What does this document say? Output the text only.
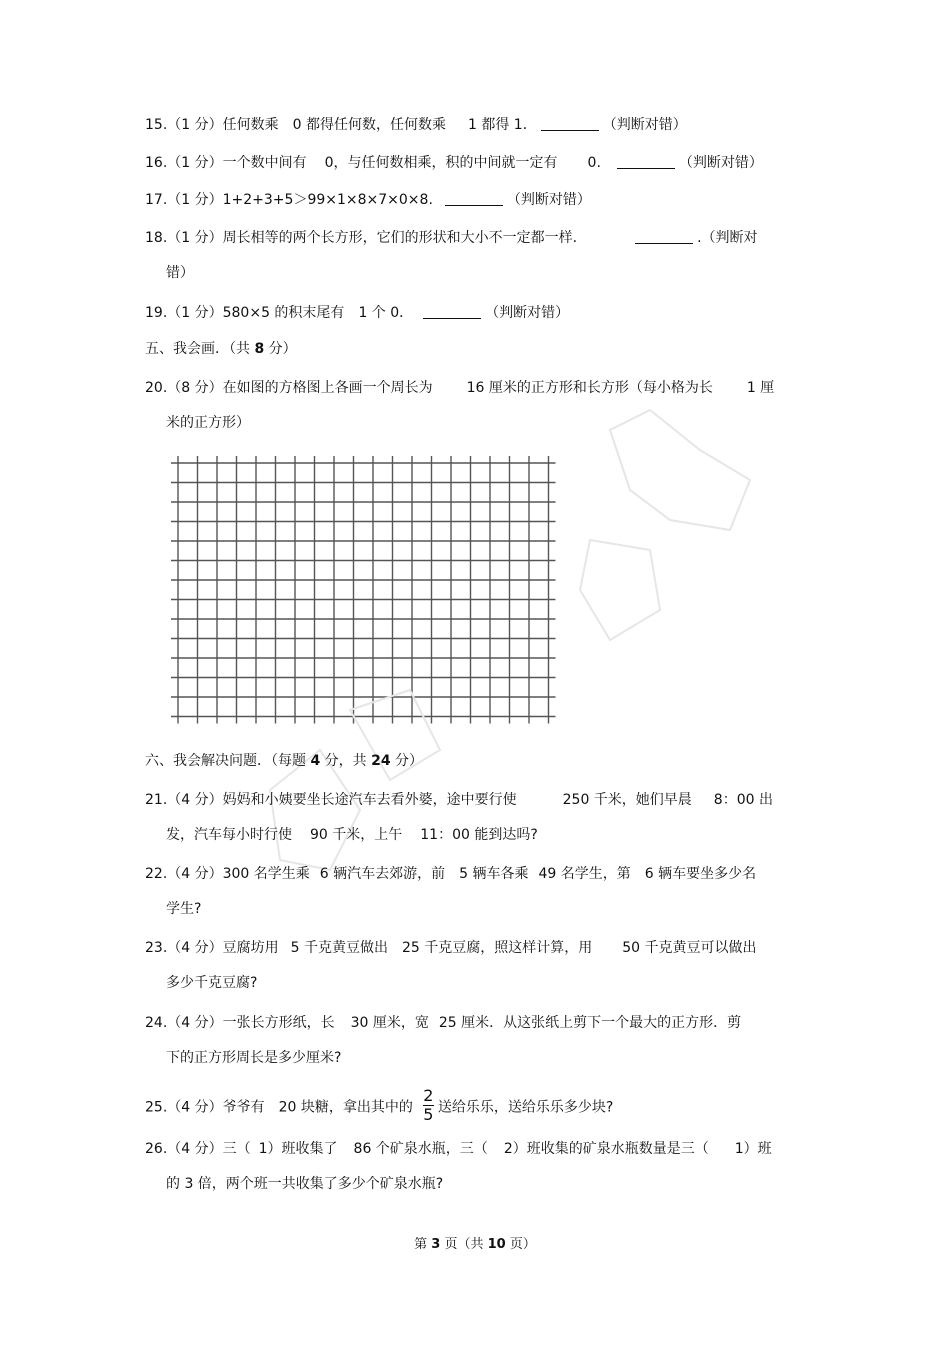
15.（1 分）任何数乘 0 都得任何数，任何数乘 1 都得 1．	（判断对错）
16.（1 分）一个数中间有 0，与任何数相乘，积的中间就一定有 0.	（判断对错）
17.（1 分）1+2+3+5＞99×1×8×7×0×8.	（判断对错）
18.（1 分）周长相等的两个长方形，它们的形状和大小不一定都一样.	.（判断对
错）
19.（1 分）580×5 的积末尾有 1 个 0．	（判断对错）
五、我会画．（共 8 分）
20.（8 分）在如图的方格图上各画一个周长为 16 厘米的正方形和长方形（每小格为长 1 厘
米的正方形）
六、我会解决问题．（每题 4 分，共 24 分）
21.（4 分）妈妈和小姨要坐长途汽车去看外婆，途中要行使	250 千米，她们早晨 8：00 出
发，汽车每小时行使 90 千米，上午 11：00 能到达吗?
22.（4 分）300 名学生乘 6 辆汽车去郊游，前 5 辆车各乘 49 名学生，第 6 辆车要坐多少名
学生?
23.（4 分）豆腐坊用 5 千克黄豆做出 25 千克豆腐，照这样计算，用 50 千克黄豆可以做出
多少千克豆腐?
24.（4 分）一张长方形纸，长 30 厘米，宽 25 厘米．从这张纸上剪下一个最大的正方形．剪
下的正方形周长是多少厘米?
25.（4 分）爷爷有 20 块糖，拿出其中的 $\frac{2}{5}$ 送给乐乐，送给乐乐多少块?
26.（4 分）三（ 1）班收集了 86 个矿泉水瓶，三（ 2）班收集的矿泉水瓶数量是三（ 1）班
的 3 倍，两个班一共收集了多少个矿泉水瓶?
第 3 页（共 10 页）
